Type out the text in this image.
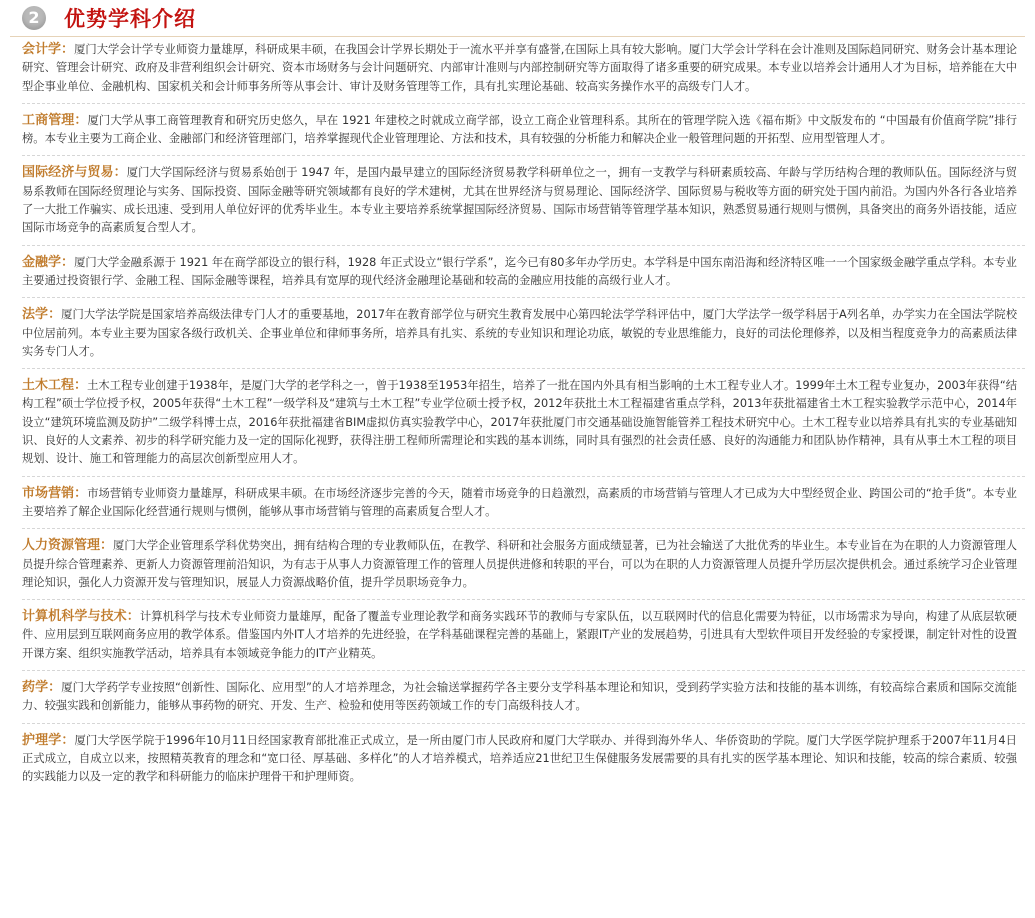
2	优势学科介绍
会计学：厦门大学会计学专业师资力量雄厚，科研成果丰硕，在我国会计学界长期处于一流水平并享有盛誉,在国际上具有较大影响。厦门大学会计学科在会计准则及国际趋同研究、财务会计基本理论研究、管理会计研究、政府及非营利组织会计研究、资本市场财务与会计问题研究、内部审计准则与内部控制研究等方面取得了诸多重要的研究成果。本专业以培养会计通用人才为目标，培养能在大中型企事业单位、金融机构、国家机关和会计师事务所等从事会计、审计及财务管理等工作，具有扎实理论基础、较高实务操作水平的高级专门人才。
工商管理：厦门大学从事工商管理教育和研究历史悠久，早在 1921 年建校之时就成立商学部，设立工商企业管理科系。其所在的管理学院入选《福布斯》中文版发布的 “中国最有价值商学院”排行榜。本专业主要为工商企业、金融部门和经济管理部门，培养掌握现代企业管理理论、方法和技术，具有较强的分析能力和解决企业一般管理问题的开拓型、应用型管理人才。
国际经济与贸易：厦门大学国际经济与贸易系始创于 1947 年，是国内最早建立的国际经济贸易教学科研单位之一，拥有一支教学与科研素质较高、年龄与学历结构合理的教师队伍。国际经济与贸易系教师在国际经贸理论与实务、国际投资、国际金融等研究领域都有良好的学术建树，尤其在世界经济与贸易理论、国际经济学、国际贸易与税收等方面的研究处于国内前沿。为国内外各行各业培养了一大批工作骗实、成长迅速、受到用人单位好评的优秀毕业生。本专业主要培养系统掌握国际经济贸易、国际市场营销等管理学基本知识，熟悉贸易通行规则与惯例，具备突出的商务外语技能，适应国际市场竞争的高素质复合型人才。
金融学：厦门大学金融系源于 1921 年在商学部设立的银行科，1928 年正式设立“银行学系”，迄今已有80多年办学历史。本学科是中国东南沿海和经济特区唯一一个国家级金融学重点学科。本专业主要通过投资银行学、金融工程、国际金融等课程，培养具有宽厚的现代经济金融理论基础和较高的金融应用技能的高级行业人才。
法学：厦门大学法学院是国家培养高级法律专门人才的重要基地，2017年在教育部学位与研究生教育发展中心第四轮法学学科评估中，厦门大学法学一级学科居于A列名单，办学实力在全国法学院校中位居前列。本专业主要为国家各级行政机关、企事业单位和律师事务所，培养具有扎实、系统的专业知识和理论功底，敏锐的专业思维能力，良好的司法伦理修养，以及相当程度竞争力的高素质法律实务专门人才。
土木工程：土木工程专业创建于1938年，是厦门大学的老学科之一，曾于1938至1953年招生，培养了一批在国内外具有相当影响的土木工程专业人才。1999年土木工程专业复办，2003年获得“结构工程”硕士学位授予权，2005年获得“土木工程”一级学科及“建筑与土木工程”专业学位硕士授予权，2012年获批土木工程福建省重点学科，2013年获批福建省土木工程实验教学示范中心，2014年设立“建筑环境监测及防护”二级学科博士点，2016年获批福建省BIM虚拟仿真实验教学中心，2017年获批厦门市交通基础设施智能管养工程技术研究中心。土木工程专业以培养具有扎实的专业基础知识、良好的人文素养、初步的科学研究能力及一定的国际化视野，获得注册工程师所需理论和实践的基本训练，同时具有强烈的社会责任感、良好的沟通能力和团队协作精神，具有从事土木工程的项目规划、设计、施工和管理能力的高层次创新型应用人才。
市场营销：市场营销专业师资力量雄厚，科研成果丰硕。在市场经济逐步完善的今天，随着市场竞争的日趋激烈，高素质的市场营销与管理人才已成为大中型经贸企业、跨国公司的“抢手货”。本专业主要培养了解企业国际化经营通行规则与惯例，能够从事市场营销与管理的高素质复合型人才。
人力资源管理：厦门大学企业管理系学科优势突出，拥有结构合理的专业教师队伍，在教学、科研和社会服务方面成绩显著，已为社会输送了大批优秀的毕业生。本专业旨在为在职的人力资源管理人员提升综合管理素养、更新人力资源管理前沿知识，为有志于从事人力资源管理工作的管理人员提供进修和转职的平台，可以为在职的人力资源管理人员提升学历层次提供机会。通过系统学习企业管理理论知识，强化人力资源开发与管理知识，展显人力资源战略价值，提升学员职场竞争力。
计算机科学与技术：计算机科学与技术专业师资力量雄厚，配备了覆盖专业理论教学和商务实践环节的教师与专家队伍，以互联网时代的信息化需要为特征，以市场需求为导向，构建了从底层软硬件、应用层到互联网商务应用的教学体系。借鉴国内外IT人才培养的先进经验，在学科基础课程完善的基础上，紧跟IT产业的发展趋势，引进具有大型软件项目开发经验的专家授课，制定针对性的设置开课方案、组织实施教学活动，培养具有本领域竞争能力的IT产业精英。
药学：厦门大学药学专业按照“创新性、国际化、应用型”的人才培养理念，为社会输送掌握药学各主要分支学科基本理论和知识，受到药学实验方法和技能的基本训练，有较高综合素质和国际交流能力、较强实践和创新能力，能够从事药物的研究、开发、生产、检验和使用等医药领域工作的专门高级科技人才。
护理学：厦门大学医学院于1996年10月11日经国家教育部批准正式成立，是一所由厦门市人民政府和厦门大学联办、并得到海外华人、华侨资助的学院。厦门大学医学院护理系于2007年11月4日正式成立，自成立以来，按照精英教育的理念和“宽口径、厚基础、多样化”的人才培养模式，培养适应21世纪卫生保健服务发展需要的具有扎实的医学基本理论、知识和技能，较高的综合素质、较强的实践能力以及一定的教学和科研能力的临床护理骨干和护理师资。
